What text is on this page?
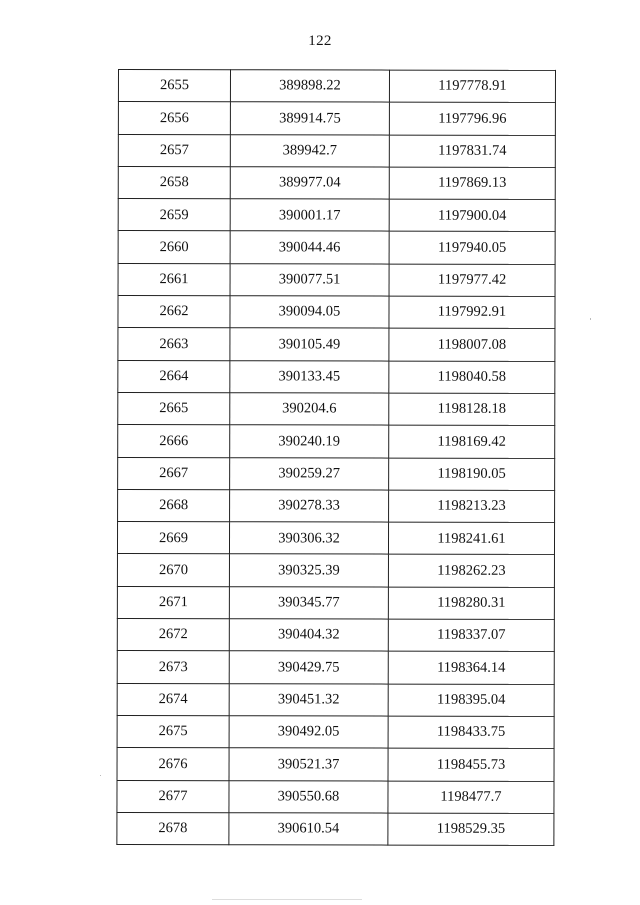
122
2655	389898.22	1197778.91
2656	389914.75	1197796.96
2657	389942.7	1197831.74
2658	389977.04	1197869.13
2659	390001.17	1197900.04
2660	390044.46	1197940.05
2661	390077.51	1197977.42
2662	390094.05	1197992.91
2663	390105.49	1198007.08
2664	390133.45	1198040.58
2665	390204.6	1198128.18
2666	390240.19	1198169.42
2667	390259.27	1198190.05
2668	390278.33	1198213.23
2669	390306.32	1198241.61
2670	390325.39	1198262.23
2671	390345.77	1198280.31
2672	390404.32	1198337.07
2673	390429.75	1198364.14
2674	390451.32	1198395.04
2675	390492.05	1198433.75
2676	390521.37	1198455.73
2677	390550.68	1198477.7
2678	390610.54	1198529.35
